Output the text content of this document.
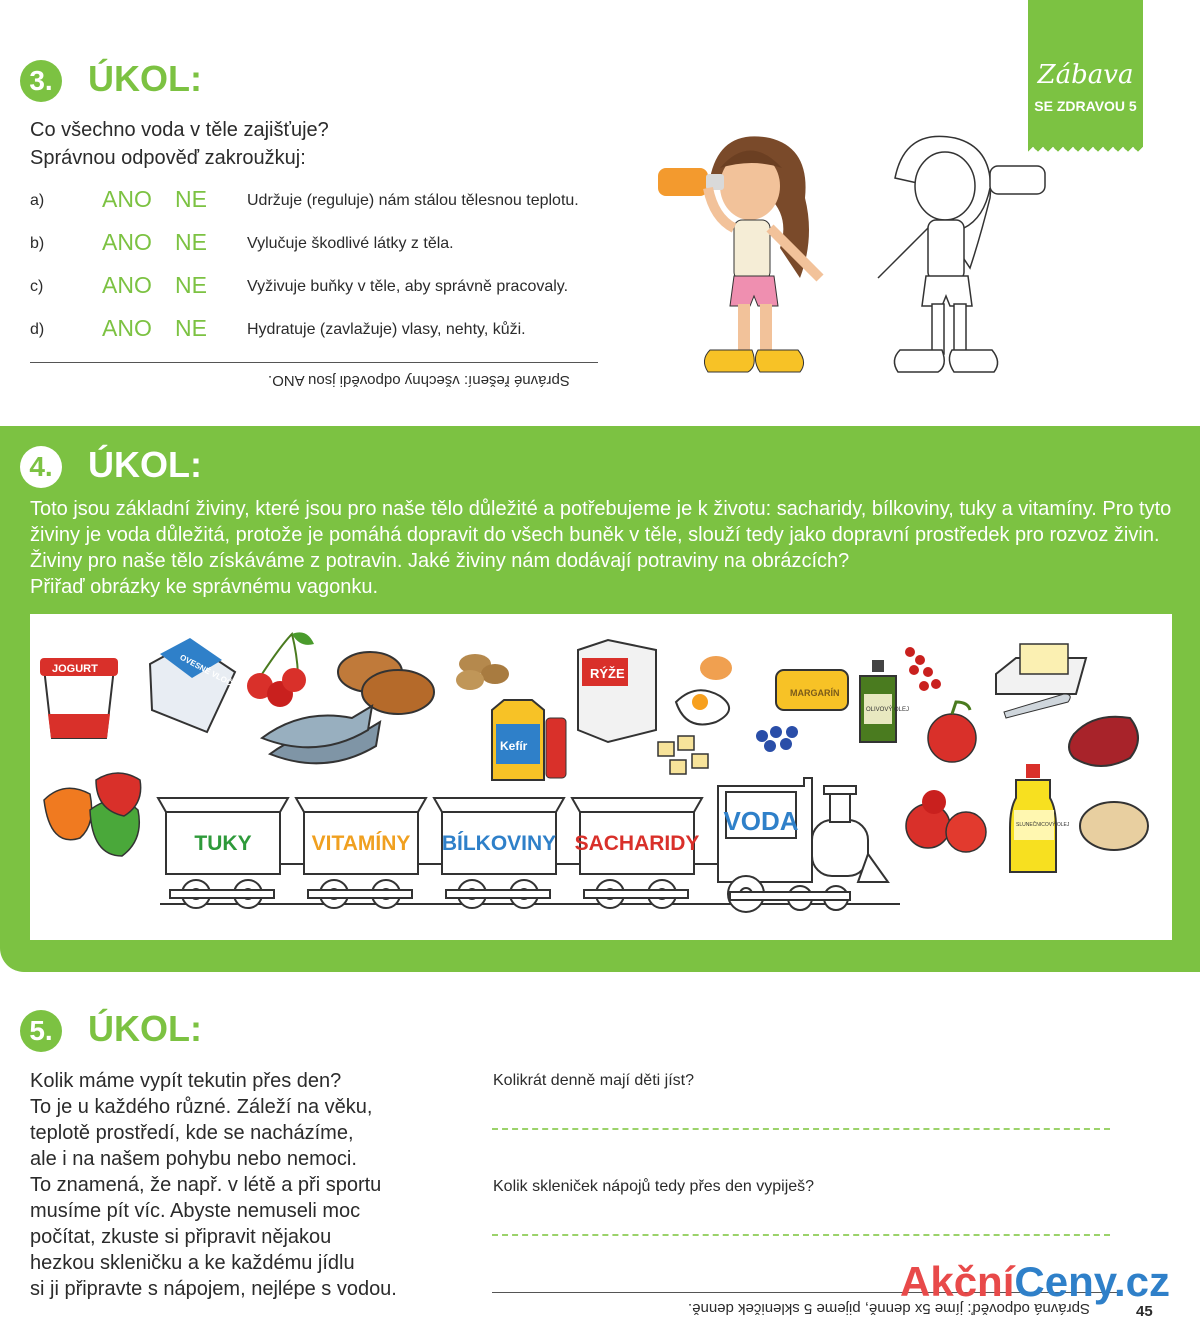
Zábava
SE ZDRAVOU 5
3. ÚKOL:
Co všechno voda v těle zajišťuje?
Správnou odpověď zakroužkuj:
a)	ANO NE	Udržuje (reguluje) nám stálou tělesnou teplotu.
b)	ANO NE	Vylučuje škodlivé látky z těla.
c)	ANO NE	Vyživuje buňky v těle, aby správně pracovaly.
d)	ANO NE	Hydratuje (zavlažuje) vlasy, nehty, kůži.
Správné řešení: všechny odpovědi jsou ANO.
4. ÚKOL:
Toto jsou základní živiny, které jsou pro naše tělo důležité a potřebujeme je k životu: sacharidy, bílkoviny, tuky a vitamíny. Pro tyto živiny je voda důležitá, protože je pomáhá dopravit do všech buněk v těle, slouží tedy jako dopravní prostředek pro rozvoz živin. Živiny pro naše tělo získáváme z potravin. Jaké živiny nám dodávají potraviny na obrázcích?
Přiřaď obrázky ke správnému vagonku.
JOGURT	OVESNÉ VLOČKY
Kefír
RÝŽE
MARGARÍN
OLIVOVÝ OLEJ
SLUNEČNICOVÝ OLEJ
TUKY	VITAMÍNY BÍLKOVINY SACHARIDY
VODA
5. ÚKOL:
Kolik máme vypít tekutin přes den?
To je u každého různé. Záleží na věku,
teplotě prostředí, kde se nacházíme,
ale i na našem pohybu nebo nemoci.
To znamená, že např. v létě a při sportu
musíme pít víc. Abyste nemuseli moc
počítat, zkuste si připravit nějakou
hezkou skleničku a ke každému jídlu
si ji připravte s nápojem, nejlépe s vodou.
Kolikrát denně mají děti jíst?
Kolik skleniček nápojů tedy přes den vypiješ?
Správná odpověď: jíme 5x denně, pijeme 5 skleniček denně.
AkčníCeny.cz
45
